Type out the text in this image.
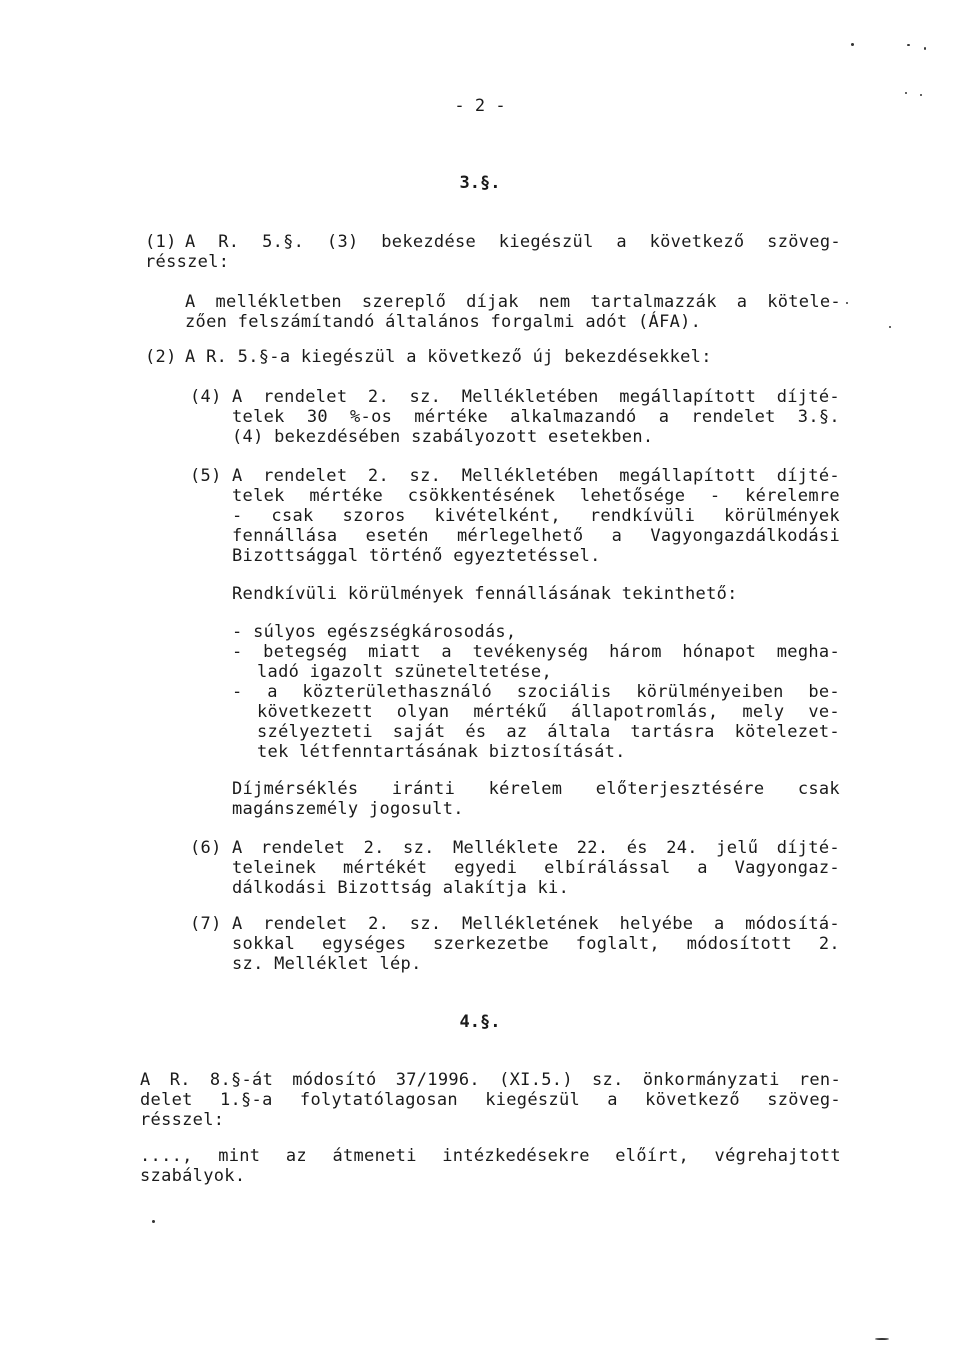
- 2 -
3.§.
(1) A R. 5.§. (3) bekezdése kiegészül a következő szöveg-
résszel:
A mellékletben szereplő díjak nem tartalmazzák a kötele-
zően felszámítandó általános forgalmi adót (ÁFA).
(2) A R. 5.§-a kiegészül a következő új bekezdésekkel:
(4) A rendelet 2. sz. Mellékletében megállapított díjté-
telek 30 %-os mértéke alkalmazandó a rendelet 3.§.
(4) bekezdésében szabályozott esetekben.
(5) A rendelet 2. sz. Mellékletében megállapított díjté-
telek mértéke csökkentésének lehetősége - kérelemre
- csak szoros kivételként, rendkívüli körülmények
fennállása esetén mérlegelhető a Vagyongazdálkodási
Bizottsággal történő egyeztetéssel.
Rendkívüli körülmények fennállásának tekinthető:
- súlyos egészségkárosodás,
- betegség miatt a tevékenység három hónapot megha-
ladó igazolt szüneteltetése,
- a közterülethasználó szociális körülményeiben be-
következett olyan mértékű állapotromlás, mely ve-
szélyezteti saját és az általa tartásra kötelezet-
tek létfenntartásának biztosítását.
Díjmérséklés iránti kérelem előterjesztésére csak
magánszemély jogosult.
(6) A rendelet 2. sz. Melléklete 22. és 24. jelű díjté-
teleinek mértékét egyedi elbírálással a Vagyongaz-
dálkodási Bizottság alakítja ki.
(7) A rendelet 2. sz. Mellékletének helyébe a módosítá-
sokkal egységes szerkezetbe foglalt, módosított 2.
sz. Melléklet lép.
4.§.
A R. 8.§-át módosító 37/1996. (XI.5.) sz. önkormányzati ren-
delet 1.§-a folytatólagosan kiegészül a következő szöveg-
résszel:
...., mint az átmeneti intézkedésekre előírt, végrehajtott
szabályok.
